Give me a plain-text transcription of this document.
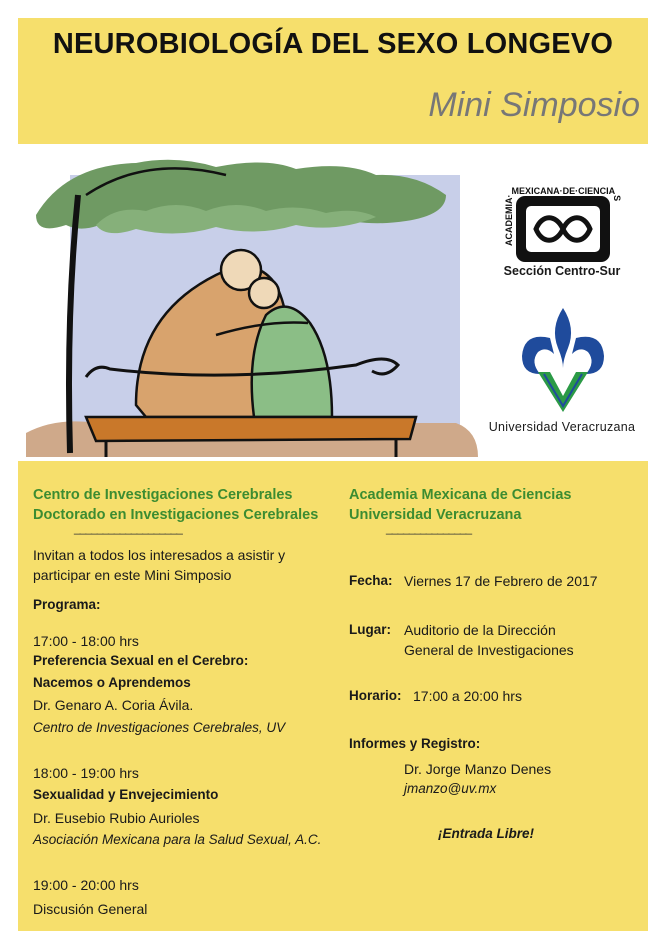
NEUROBIOLOGÍA DEL SEXO LONGEVO
Mini Simposio
ACADEMIA·MEXICANA·DE·CIENCIAS
Sección Centro-Sur
Universidad Veracruzana
Centro de Investigaciones Cerebrales
Doctorado en Investigaciones Cerebrales
___________________
Invitan a todos los interesados a asistir y
participar en este Mini Simposio
Programa:
17:00 - 18:00 hrs
Preferencia Sexual en el Cerebro:
Nacemos o Aprendemos
Dr. Genaro A. Coria Ávila.
Centro de Investigaciones Cerebrales, UV
18:00 - 19:00 hrs
Sexualidad y Envejecimiento
Dr. Eusebio Rubio Aurioles
Asociación Mexicana para la Salud Sexual, A.C.
19:00 - 20:00 hrs
Discusión General
Academia Mexicana de Ciencias
Universidad Veracruzana
_______________
Fecha: Viernes 17 de Febrero de 2017
Lugar: Auditorio de la Dirección
General de Investigaciones
Horario: 17:00 a 20:00 hrs
Informes y Registro:
Dr. Jorge Manzo Denes
jmanzo@uv.mx
¡Entrada Libre!
